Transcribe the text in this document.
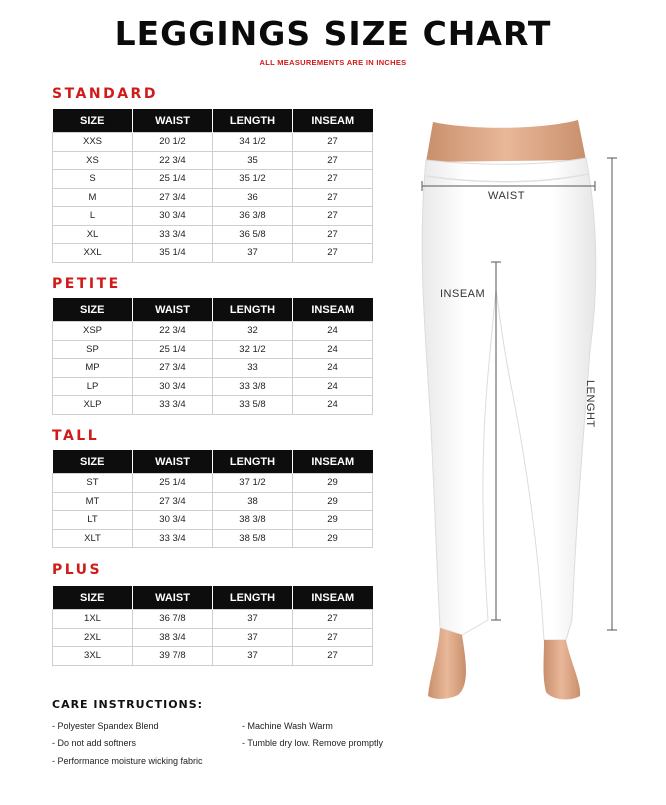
LEGGINGS SIZE CHART
ALL MEASUREMENTS ARE IN INCHES
STANDARD
SIZE	WAIST	LENGTH	INSEAM
XXS	20 1/2	34 1/2	27
XS	22 3/4	35	27
S	25 1/4	35 1/2	27
M	27 3/4	36	27
L	30 3/4	36 3/8	27
XL	33 3/4	36 5/8	27
XXL	35 1/4	37	27
PETITE
SIZE	WAIST	LENGTH	INSEAM
XSP	22 3/4	32	24
SP	25 1/4	32 1/2	24
MP	27 3/4	33	24
LP	30 3/4	33 3/8	24
XLP	33 3/4	33 5/8	24
TALL
SIZE	WAIST	LENGTH	INSEAM
ST	25 1/4	37 1/2	29
MT	27 3/4	38	29
LT	30 3/4	38 3/8	29
XLT	33 3/4	38 5/8	29
PLUS
SIZE	WAIST	LENGTH	INSEAM
1XL	36 7/8	37	27
2XL	38 3/4	37	27
3XL	39 7/8	37	27
CARE INSTRUCTIONS:
- Polyester Spandex Blend	- Machine Wash Warm
- Do not add softners	- Tumble dry low. Remove promptly
- Performance moisture wicking fabric
WAIST
INSEAM
LENGHT
